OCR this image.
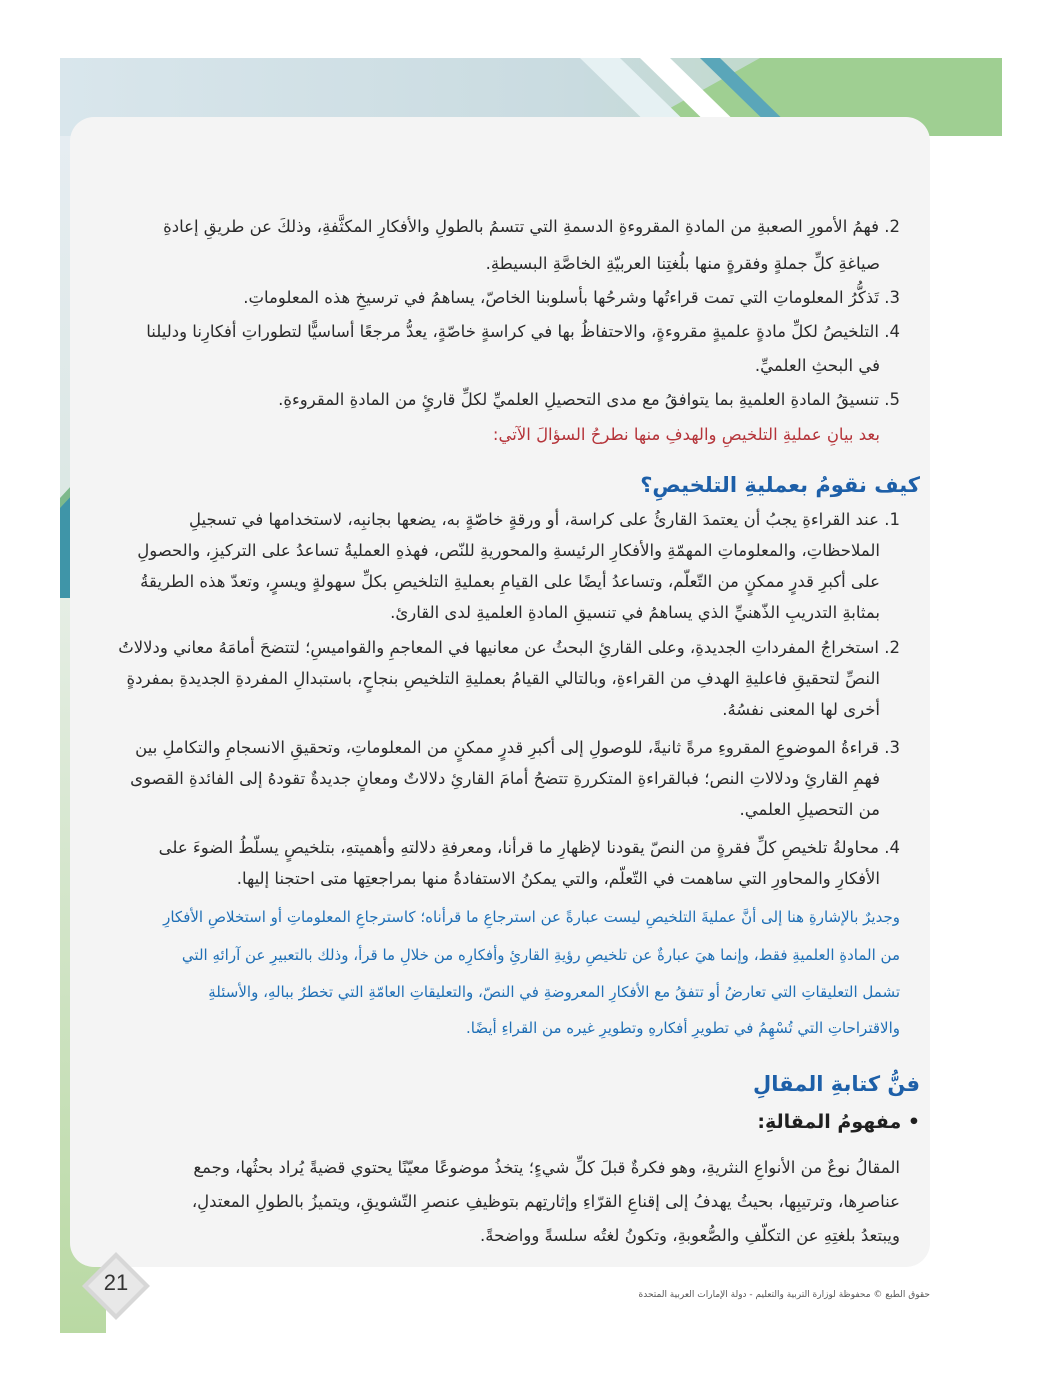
2. فهمُ الأمورِ الصعبةِ من المادةِ المقروءةِ الدسمةِ التي تتسمُ بالطولِ والأفكارِ المكثَّفةِ، وذلكَ عن طريقِ إعادةِ
صياغةِ كلِّ جملةٍ وفقرةٍ منها بلُغتِنا العربيّةِ الخاصَّةِ البسيطةِ.
3. تَذكُّرُ المعلوماتِ التي تمت قراءتُها وشرحُها بأسلوبنا الخاصّ، يساهمُ في ترسيخِ هذه المعلوماتِ.
4. التلخيصُ لكلِّ مادةٍ علميةٍ مقروءةٍ، والاحتفاظُ بها في كراسةٍ خاصّةٍ، يعدُّ مرجعًا أساسيًّا لتطوراتِ أفكارِنا ودليلنا
في البحثِ العلميِّ.
5. تنسيقُ المادةِ العلميةِ بما يتوافقُ مع مدى التحصيلِ العلميِّ لكلِّ قارئٍ من المادةِ المقروءةِ.
بعد بيانِ عمليةِ التلخيصِ والهدفِ منها نطرحُ السؤالَ الآتي:
كيف نقومُ بعمليةِ التلخيصِ؟
1. عند القراءةِ يجبُ أن يعتمدَ القارئُ على كراسة، أو ورقةٍ خاصّةٍ به، يضعها بجانبِه، لاستخدامها في تسجيلِ
الملاحظاتِ، والمعلوماتِ المهمّةِ والأفكارِ الرئيسةِ والمحوريةِ للنّص، فهذهِ العمليةُ تساعدُ على التركيزِ، والحصولِ
على أكبرِ قدرٍ ممكنٍ من التّعلّم، وتساعدُ أيضًا على القيامِ بعمليةِ التلخيصِ بكلِّ سهولةٍ ويسرٍ، وتعدّ هذه الطريقةُ
بمثابةِ التدريبِ الذّهنيِّ الذي يساهمُ في تنسيقِ المادةِ العلميةِ لدى القارئ.
2. استخراجُ المفرداتِ الجديدةِ، وعلى القارئِ البحثُ عن معانيها في المعاجمِ والقواميسِ؛ لتتضحَ أمامَهُ معاني ودلالاتُ
النصِّ لتحقيقِ فاعليةِ الهدفِ من القراءةِ، وبالتالي القيامُ بعمليةِ التلخيصِ بنجاحٍ، باستبدالِ المفردةِ الجديدةِ بمفردةٍ
أخرى لها المعنى نفسُهُ.
3. قراءةُ الموضوعِ المقروءِ مرةً ثانيةً، للوصولِ إلى أكبرِ قدرٍ ممكنٍ من المعلوماتِ، وتحقيقِ الانسجامِ والتكاملِ بين
فهمِ القارئِ ودلالاتِ النص؛ فبالقراءةِ المتكررةِ تتضحُ أمامَ القارئِ دلالاتٌ ومعانٍ جديدةٌ تقودهُ إلى الفائدةِ القصوى
من التحصيلِ العلمي.
4. محاولةُ تلخيصِ كلِّ فقرةٍ من النصّ يقودنا لإظهارِ ما قرأنا، ومعرفةِ دلالتهِ وأهميتهِ، بتلخيصٍ يسلّطُ الضوءَ على
الأفكارِ والمحاورِ التي ساهمت في التّعلّم، والتي يمكنُ الاستفادةُ منها بمراجعتِها متى احتجنا إليها.
وجديرٌ بالإشارةِ هنا إلى أنَّ عمليةَ التلخيصِ ليست عبارةً عن استرجاعِ ما قرأناه؛ كاسترجاعِ المعلوماتِ أو استخلاصِ الأفكارِ
من المادةِ العلميةِ فقط، وإنما هيَ عبارةٌ عن تلخيصِ رؤيةِ القارئِ وأفكارِه من خلالِ ما قرأ، وذلك بالتعبيرِ عن آرائهِ التي
تشمل التعليقاتِ التي تعارضُ أو تتفقُ مع الأفكارِ المعروضةِ في النصّ، والتعليقاتِ العامّةِ التي تخطرُ ببالهِ، والأسئلةِ
والاقتراحاتِ التي تُسْهِمُ في تطويرِ أفكارهِ وتطويرِ غيره من القراءِ أيضًا.
فنُّ كتابةِ المقالِ
• مفهومُ المقالةِ:
المقالُ نوعٌ من الأنواعِ النثريةِ، وهو فكرةٌ قبلَ كلِّ شيءٍ؛ يتخذُ موضوعًا معيّنًا يحتوي قضيةً يُراد بحثُها، وجمع
عناصرِها، وترتيبِها، بحيثُ يهدفُ إلى إقناعِ القرّاءِ وإثارتِهم بتوظيفِ عنصرِ التّشويقِ، ويتميزُ بالطولِ المعتدلِ،
ويبتعدُ بلغتِهِ عن التكلّفِ والصُّعوبةِ، وتكونُ لغتُه سلسةً وواضحةً.
21	حقوق الطبع © محفوظة لوزارة التربية والتعليم - دولة الإمارات العربية المتحدة
